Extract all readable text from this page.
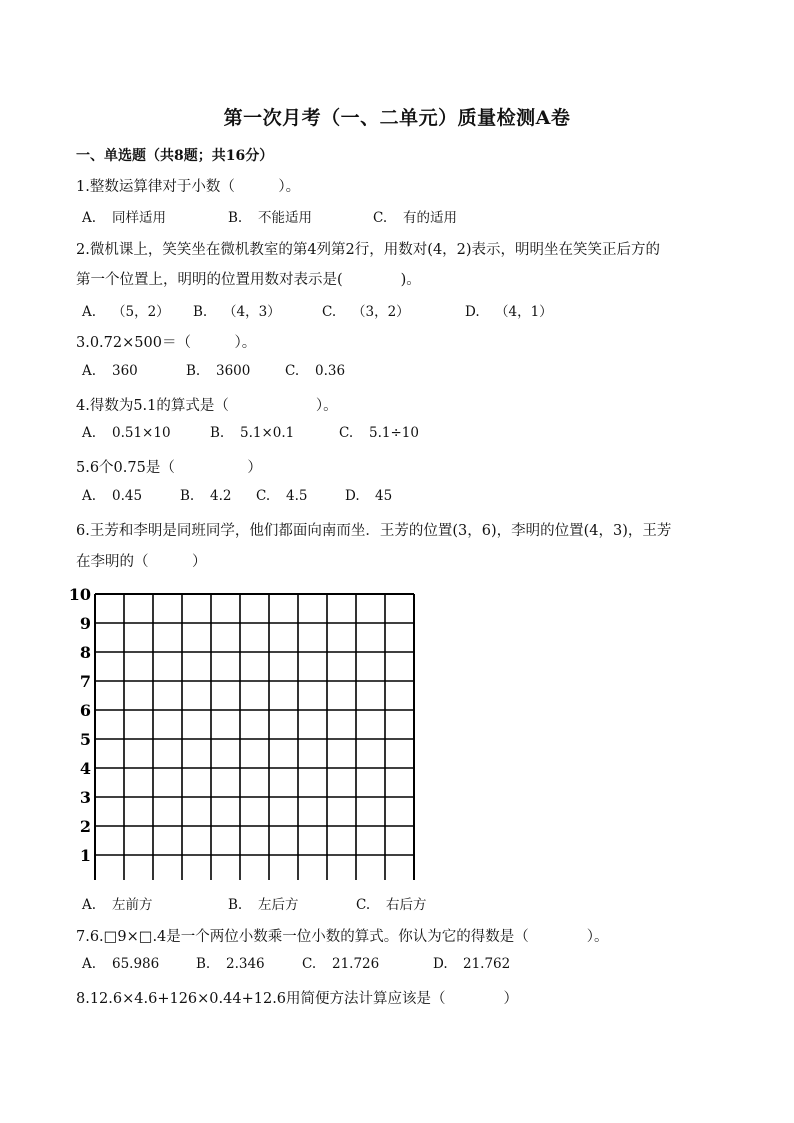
第一次月考（一、二单元）质量检测A卷
一、单选题（共8题；共16分）
1.整数运算律对于小数（　　　）。
A. 同样适用	B. 不能适用	C. 有的适用
2.微机课上，笑笑坐在微机教室的第4列第2行，用数对(4，2)表示，明明坐在笑笑正后方的
第一个位置上，明明的位置用数对表示是(　　　　)。
A. （5，2） B. （4，3）	C. （3，2）	D. （4，1）
3.0.72×500＝（　　　）。
A. 360	B. 3600	C. 0.36
4.得数为5.1的算式是（　　　　　　）。
A. 0.51×10	B. 5.1×0.1	C. 5.1÷10
5.6个0.75是（　　　　　）
A. 0.45	B. 4.2 C. 4.5	D. 45
6.王芳和李明是同班同学，他们都面向南而坐．王芳的位置(3，6)，李明的位置(4，3)，王芳
在李明的（　　　）
1
2
3
4
5
6
7
8
9
10
A. 左前方	B. 左后方	C. 右后方
7.6.□9×□.4是一个两位小数乘一位小数的算式。你认为它的得数是（　　　　）。
A. 65.986	B. 2.346	C. 21.726	D. 21.762
8.12.6×4.6+126×0.44+12.6用简便方法计算应该是（　　　　）
